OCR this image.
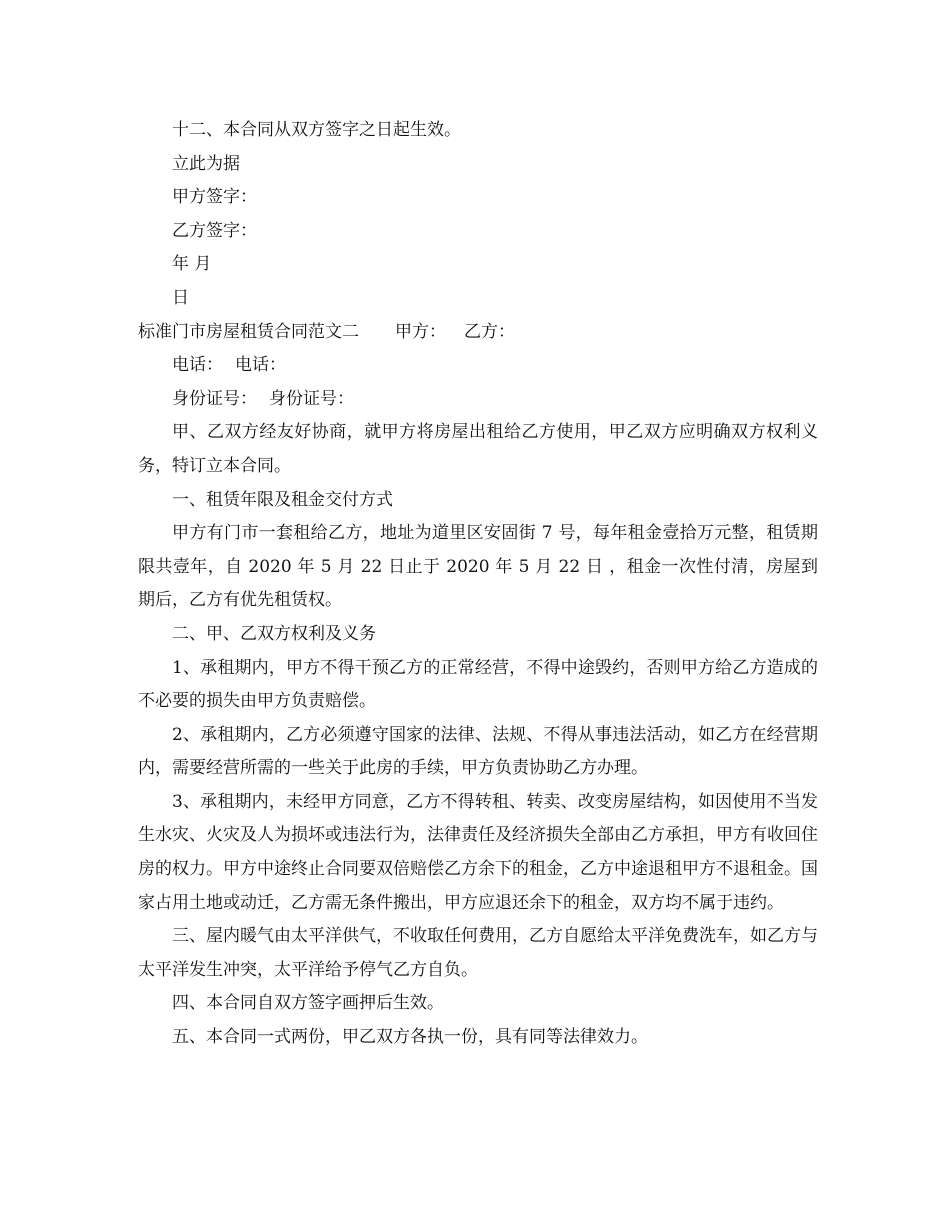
十二、本合同从双方签字之日起生效。

立此为据

甲方签字：

乙方签字：

年 月

日

标准门市房屋租赁合同范文二 甲方： 乙方：

电话： 电话：

身份证号： 身份证号：

甲、乙双方经友好协商，就甲方将房屋出租给乙方使用，甲乙双方应明确双方权利义务，特订立本合同。

一、租赁年限及租金交付方式

甲方有门市一套租给乙方，地址为道里区安固街 7 号，每年租金壹拾万元整，租赁期限共壹年，自 2020 年 5 月 22 日止于 2020 年 5 月 22 日 ，租金一次性付清，房屋到期后，乙方有优先租赁权。

二、甲、乙双方权利及义务

1、承租期内，甲方不得干预乙方的正常经营，不得中途毁约，否则甲方给乙方造成的不必要的损失由甲方负责赔偿。

2、承租期内，乙方必须遵守国家的法律、法规、不得从事违法活动，如乙方在经营期内，需要经营所需的一些关于此房的手续，甲方负责协助乙方办理。

3、承租期内，未经甲方同意，乙方不得转租、转卖、改变房屋结构，如因使用不当发生水灾、火灾及人为损坏或违法行为，法律责任及经济损失全部由乙方承担，甲方有收回住房的权力。甲方中途终止合同要双倍赔偿乙方余下的租金，乙方中途退租甲方不退租金。国家占用土地或动迁，乙方需无条件搬出，甲方应退还余下的租金，双方均不属于违约。

三、屋内暖气由太平洋供气，不收取任何费用，乙方自愿给太平洋免费洗车，如乙方与太平洋发生冲突，太平洋给予停气乙方自负。

四、本合同自双方签字画押后生效。

五、本合同一式两份，甲乙双方各执一份，具有同等法律效力。
